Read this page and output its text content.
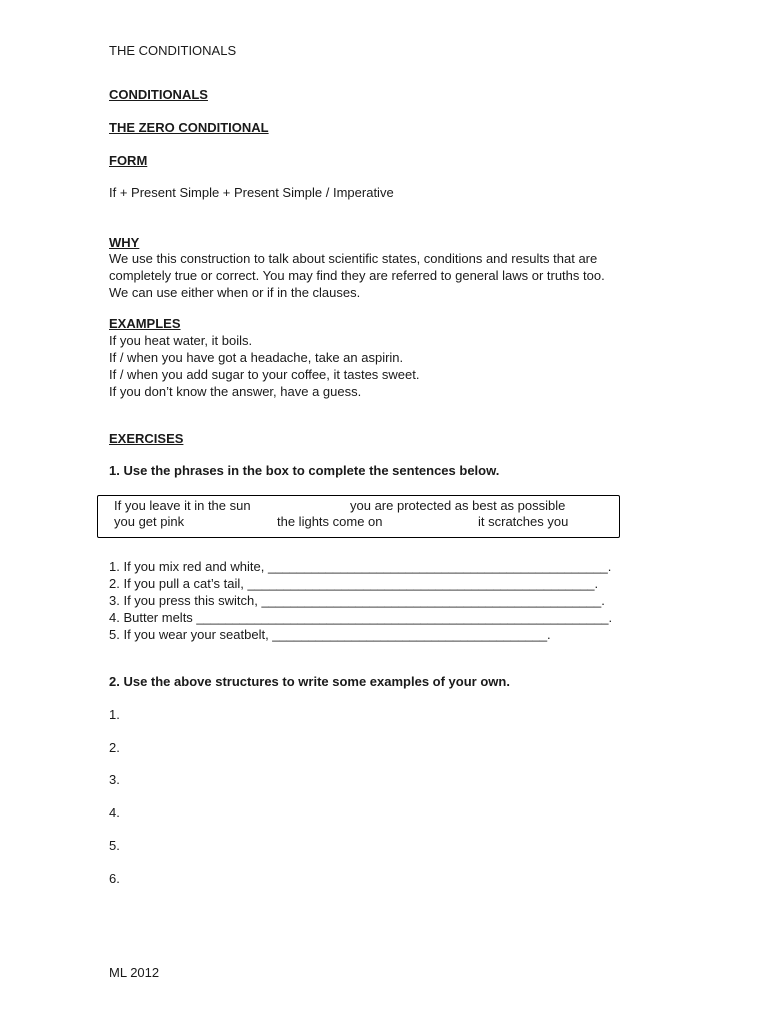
THE CONDITIONALS
CONDITIONALS
THE ZERO CONDITIONAL
FORM
If + Present Simple + Present Simple / Imperative
WHY
We use this construction to talk about scientific states, conditions and results that are
completely true or correct. You may find they are referred to general laws or truths too.
We can use either when or if in the clauses.
EXAMPLES
If you heat water, it boils.
If / when you have got a headache, take an aspirin.
If / when you add sugar to your coffee, it tastes sweet.
If you don’t know the answer, have a guess.
EXERCISES
1. Use the phrases in the box to complete the sentences below.
If you leave it in the sun	you are protected as best as possible
you get pink	the lights come on	it scratches you
1. If you mix red and white, _______________________________________________.
2. If you pull a cat’s tail, ________________________________________________.
3. If you press this switch, _______________________________________________.
4. Butter melts _________________________________________________________.
5. If you wear your seatbelt, ______________________________________.
2. Use the above structures to write some examples of your own.
1.
2.
3.
4.
5.
6.
ML 2012
